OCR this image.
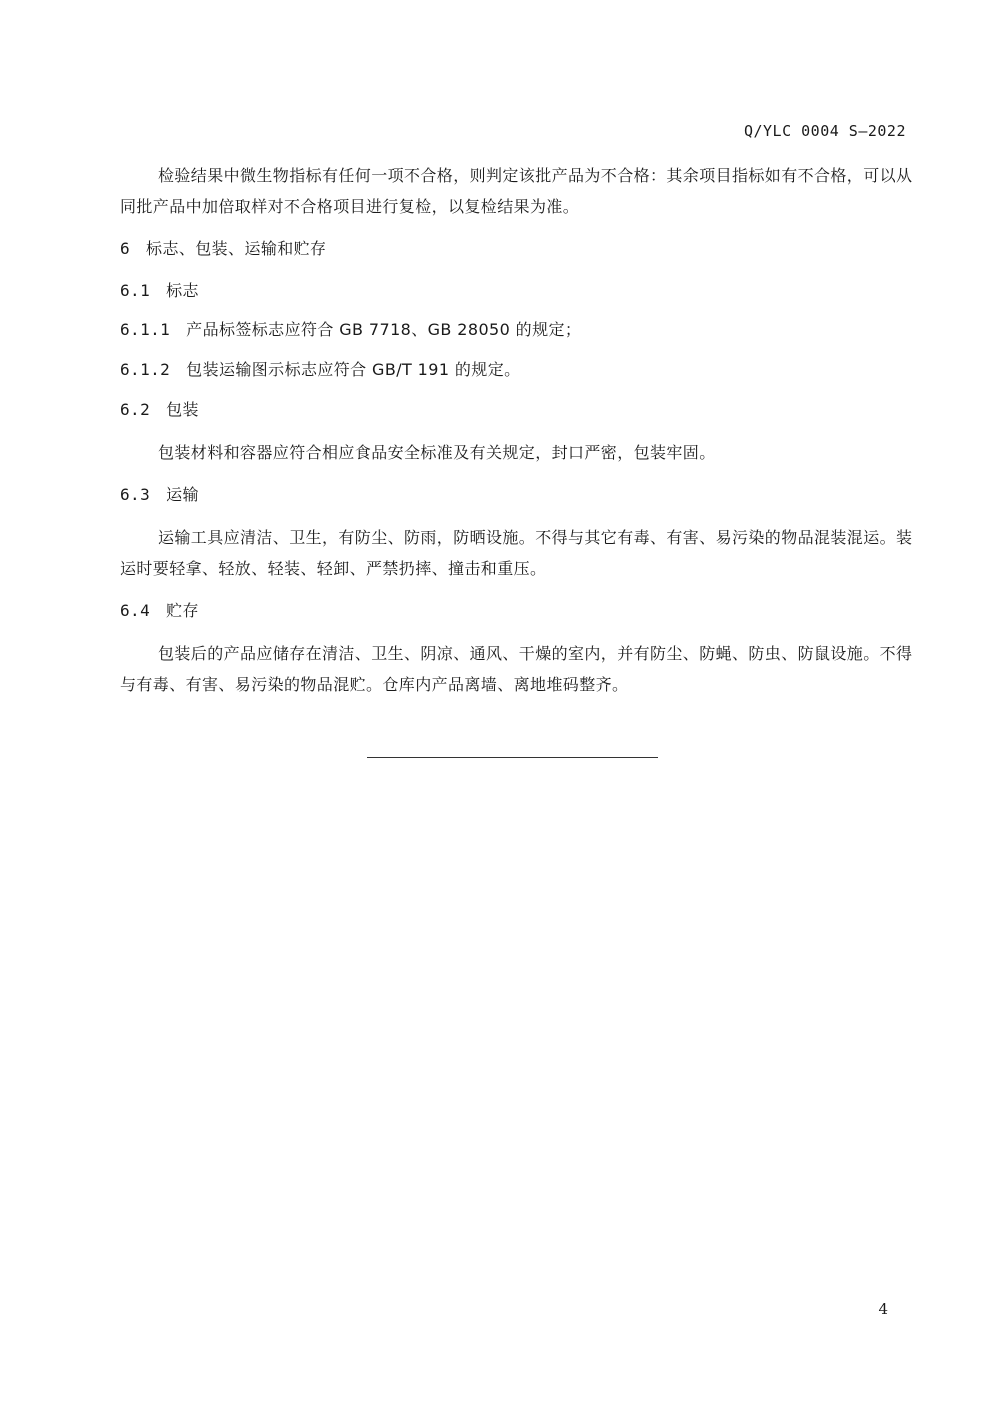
Q/YLC 0004 S—2022

检验结果中微生物指标有任何一项不合格，则判定该批产品为不合格：其余项目指标如有不合格，可以从同批产品中加倍取样对不合格项目进行复检，以复检结果为准。

6 标志、包装、运输和贮存
6.1 标志
6.1.1 产品标签标志应符合 GB 7718、GB 28050 的规定；
6.1.2 包装运输图示标志应符合 GB/T 191 的规定。
6.2 包装

包装材料和容器应符合相应食品安全标准及有关规定，封口严密，包装牢固。

6.3 运输

运输工具应清洁、卫生，有防尘、防雨，防晒设施。不得与其它有毒、有害、易污染的物品混装混运。装运时要轻拿、轻放、轻装、轻卸、严禁扔摔、撞击和重压。

6.4 贮存

包装后的产品应储存在清洁、卫生、阴凉、通风、干燥的室内，并有防尘、防蝇、防虫、防鼠设施。不得与有毒、有害、易污染的物品混贮。仓库内产品离墙、离地堆码整齐。

4
